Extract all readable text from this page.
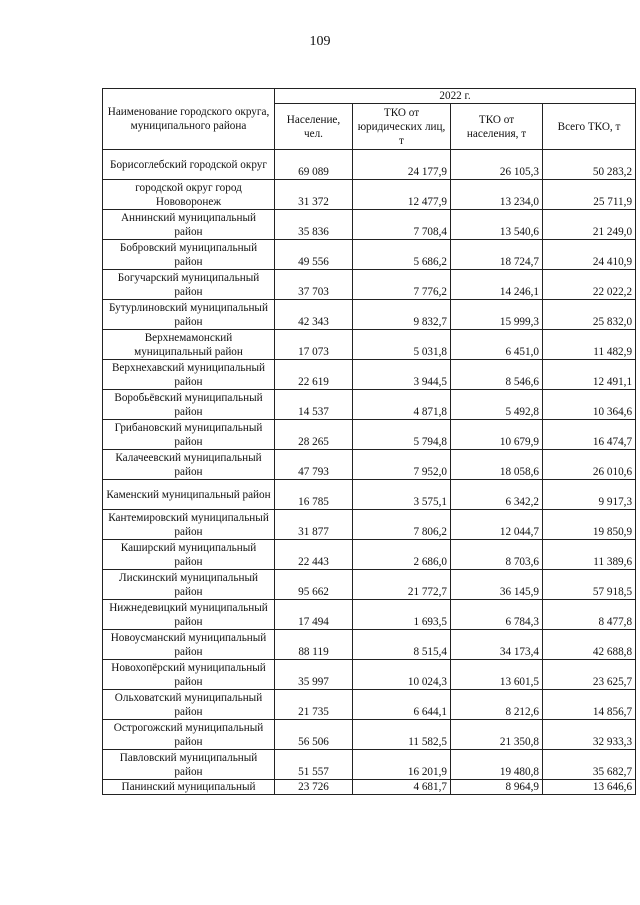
109
Наименование городского округа, муниципального района	2022 г.			
	Население, чел.	ТКО от юридических лиц, т	ТКО от населения, т	Всего ТКО, т
Борисоглебский городской округ	69 089	24 177,9	26 105,3	50 283,2
городской округ город Нововоронеж	31 372	12 477,9	13 234,0	25 711,9
Аннинский муниципальный район	35 836	7 708,4	13 540,6	21 249,0
Бобровский муниципальный район	49 556	5 686,2	18 724,7	24 410,9
Богучарский муниципальный район	37 703	7 776,2	14 246,1	22 022,2
Бутурлиновский муниципальный район	42 343	9 832,7	15 999,3	25 832,0
Верхнемамонский муниципальный район	17 073	5 031,8	6 451,0	11 482,9
Верхнехавский муниципальный район	22 619	3 944,5	8 546,6	12 491,1
Воробьёвский муниципальный район	14 537	4 871,8	5 492,8	10 364,6
Грибановский муниципальный район	28 265	5 794,8	10 679,9	16 474,7
Калачеевский муниципальный район	47 793	7 952,0	18 058,6	26 010,6
Каменский муниципальный район	16 785	3 575,1	6 342,2	9 917,3
Кантемировский муниципальный район	31 877	7 806,2	12 044,7	19 850,9
Каширский муниципальный район	22 443	2 686,0	8 703,6	11 389,6
Лискинский муниципальный район	95 662	21 772,7	36 145,9	57 918,5
Нижнедевицкий муниципальный район	17 494	1 693,5	6 784,3	8 477,8
Новоусманский муниципальный район	88 119	8 515,4	34 173,4	42 688,8
Новохопёрский муниципальный район	35 997	10 024,3	13 601,5	23 625,7
Ольховатский муниципальный район	21 735	6 644,1	8 212,6	14 856,7
Острогожский муниципальный район	56 506	11 582,5	21 350,8	32 933,3
Павловский муниципальный район	51 557	16 201,9	19 480,8	35 682,7
Панинский муниципальный	23 726	4 681,7	8 964,9	13 646,6
